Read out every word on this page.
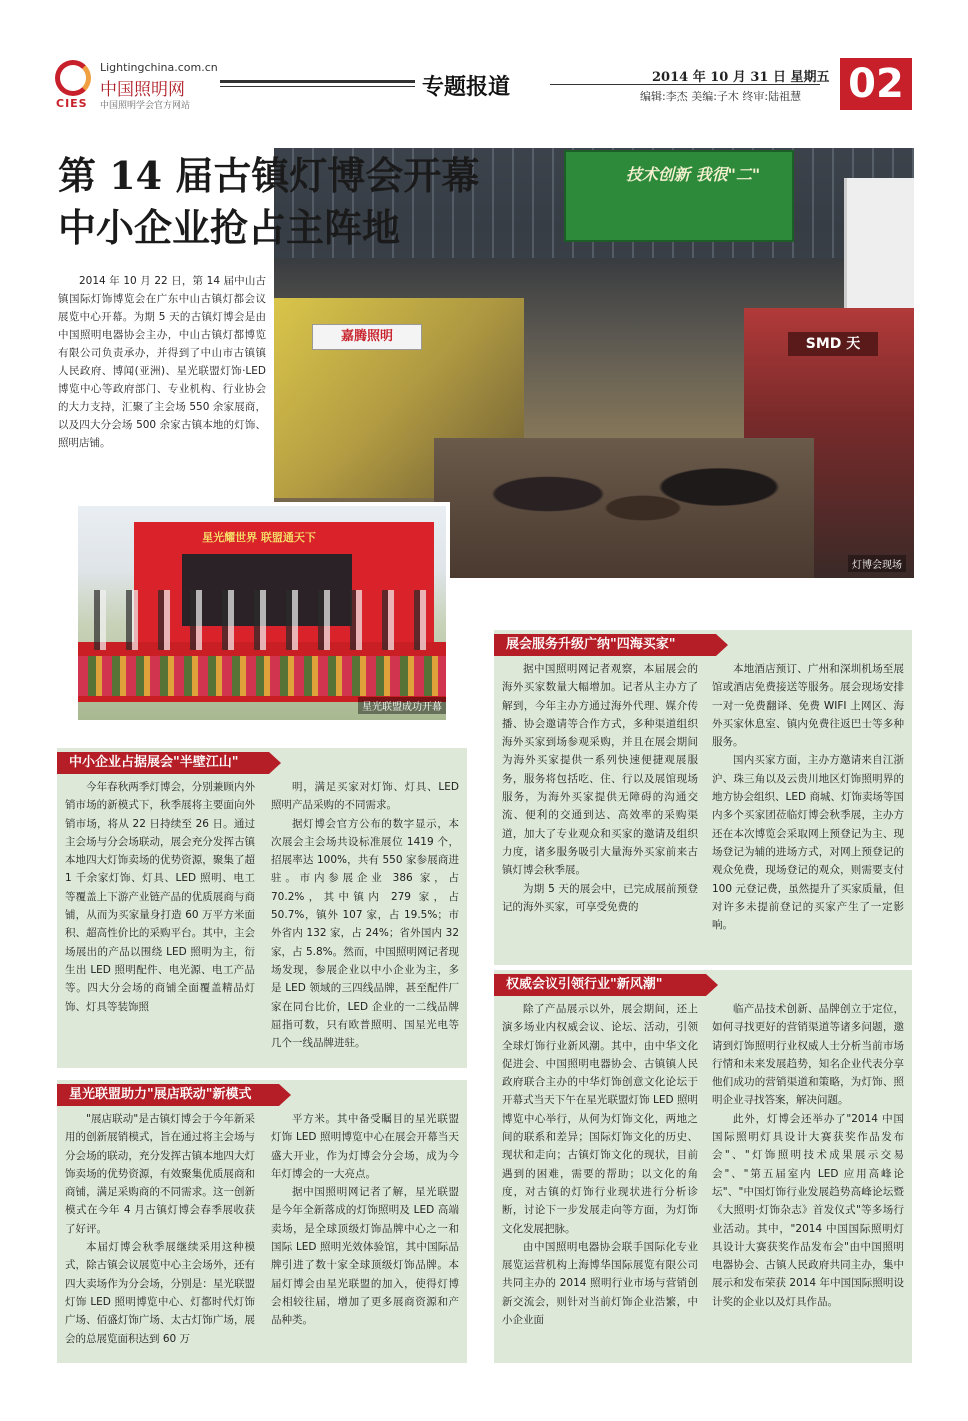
CIES
Lightingchina.com.cn
中国照明网
中国照明学会官方网站
专题报道	2014 年 10 月 31 日 星期五
编辑:李杰 美编:子木 终审:陆祖慧 02
技术创新 我很"二"
嘉腾照明	SMD 天
灯博会现场
第 14 届古镇灯博会开幕
中小企业抢占主阵地
2014 年 10 月 22 日，第 14 届中山古镇国际灯饰博览会在广东中山古镇灯都会议展览中心开幕。为期 5 天的古镇灯博会是由中国照明电器协会主办，中山古镇灯都博览有限公司负责承办，并得到了中山市古镇镇人民政府、博闻(亚洲)、星光联盟灯饰·LED 博览中心等政府部门、专业机构、行业协会的大力支持，汇聚了主会场 550 余家展商，以及四大分会场 500 余家古镇本地的灯饰、照明店铺。
星光耀世界 联盟通天下
星光联盟成功开幕
中小企业占据展会"半壁江山"

今年春秋两季灯博会，分别兼顾内外销市场的新模式下，秋季展将主要面向外销市场，将从 22 日持续至 26 日。通过主会场与分会场联动，展会充分发挥古镇本地四大灯饰卖场的优势资源，聚集了超 1 千余家灯饰、灯具、LED 照明、电工等覆盖上下游产业链产品的优质展商与商铺，从而为买家量身打造 60 万平方米面积、超高性价比的采购平台。其中，主会场展出的产品以围绕 LED 照明为主，衍生出 LED 照明配件、电光源、电工产品等。四大分会场的商铺全面覆盖精品灯饰、灯具等装饰照

明，满足买家对灯饰、灯具、LED 照明产品采购的不同需求。

据灯博会官方公布的数字显示，本次展会主会场共设标准展位 1419 个，招展率达 100%，共有 550 家参展商进驻。市内参展企业 386 家，占 70.2%，其中镇内 279 家，占 50.7%，镇外 107 家，占 19.5%；市外省内 132 家，占 24%；省外国内 32 家，占 5.8%。然而，中国照明网记者现场发现，参展企业以中小企业为主，多是 LED 领域的三四线品牌，甚至配件厂家在同台比价，LED 企业的一二线品牌屈指可数，只有欧普照明、国星光电等几个一线品牌进驻。

星光联盟助力"展店联动"新模式

"展店联动"是古镇灯博会于今年新采用的创新展销模式，旨在通过将主会场与分会场的联动，充分发挥古镇本地四大灯饰卖场的优势资源，有效聚集优质展商和商铺，满足采购商的不同需求。这一创新模式在今年 4 月古镇灯博会春季展收获了好评。

本届灯博会秋季展继续采用这种模式，除古镇会议展览中心主会场外，还有四大卖场作为分会场，分别是：星光联盟灯饰 LED 照明博览中心、灯都时代灯饰广场、佰盛灯饰广场、太古灯饰广场，展会的总展览面积达到 60 万

平方米。其中备受瞩目的星光联盟灯饰 LED 照明博览中心在展会开幕当天盛大开业，作为灯博会分会场，成为今年灯博会的一大亮点。

据中国照明网记者了解，星光联盟是今年全新落成的灯饰照明及 LED 高端卖场，是全球顶级灯饰品牌中心之一和国际 LED 照明光效体验馆，其中国际品牌引进了数十家全球顶级灯饰品牌。本届灯博会由星光联盟的加入，使得灯博会相较往届，增加了更多展商资源和产品种类。

展会服务升级广纳"四海买家"

据中国照明网记者观察，本届展会的海外买家数量大幅增加。记者从主办方了解到，今年主办方通过海外代理、媒介传播、协会邀请等合作方式，多种渠道组织海外买家到场参观采购，并且在展会期间为海外买家提供一系列快速便捷观展服务，服务将包括吃、住、行以及展馆现场服务，为海外买家提供无障碍的沟通交流、便利的交通到达、高效率的采购渠道，加大了专业观众和买家的邀请及组织力度，诸多服务吸引大量海外买家前来古镇灯博会秋季展。

为期 5 天的展会中，已完成展前预登记的海外买家，可享受免费的

本地酒店预订、广州和深圳机场至展馆或酒店免费接送等服务。展会现场安排一对一免费翻译、免费 WIFI 上网区、海外买家休息室、镇内免费往返巴士等多种服务。

国内买家方面，主办方邀请来自江浙沪、珠三角以及云贵川地区灯饰照明界的地方协会组织、LED 商城、灯饰卖场等国内多个买家团莅临灯博会秋季展，主办方还在本次博览会采取网上预登记为主、现场登记为辅的进场方式，对网上预登记的观众免费，现场登记的观众，则需要支付 100 元登记费，虽然提升了买家质量，但对许多未提前登记的买家产生了一定影响。

权威会议引领行业"新风潮"

除了产品展示以外，展会期间，还上演多场业内权威会议、论坛、活动，引领全球灯饰行业新风潮。其中，由中华文化促进会、中国照明电器协会、古镇镇人民政府联合主办的中华灯饰创意文化论坛于开幕式当天下午在星光联盟灯饰 LED 照明博览中心举行，从何为灯饰文化，两地之间的联系和差异；国际灯饰文化的历史、现状和走向；古镇灯饰文化的现状，目前遇到的困难，需要的帮助；以文化的角度，对古镇的灯饰行业现状进行分析诊断，讨论下一步发展走向等方面，为灯饰文化发展把脉。

由中国照明电器协会联手国际化专业展览运营机构上海博华国际展览有限公司共同主办的 2014 照明行业市场与营销创新交流会，则针对当前灯饰企业浩繁，中小企业面

临产品技术创新、品牌创立于定位，如何寻找更好的营销渠道等诸多问题，邀请到灯饰照明行业权威人士分析当前市场行情和未来发展趋势，知名企业代表分享他们成功的营销渠道和策略，为灯饰、照明企业寻找答案，解决问题。

此外，灯博会还举办了"2014 中国国际照明灯具设计大赛获奖作品发布会"、"灯饰照明技术成果展示交易会"、"第五届室内 LED 应用高峰论坛"、"中国灯饰行业发展趋势高峰论坛暨《大照明·灯饰杂志》首发仪式"等多场行业活动。其中，"2014 中国国际照明灯具设计大赛获奖作品发布会"由中国照明电器协会、古镇人民政府共同主办，集中展示和发布荣获 2014 年中国国际照明设计奖的企业以及灯具作品。
